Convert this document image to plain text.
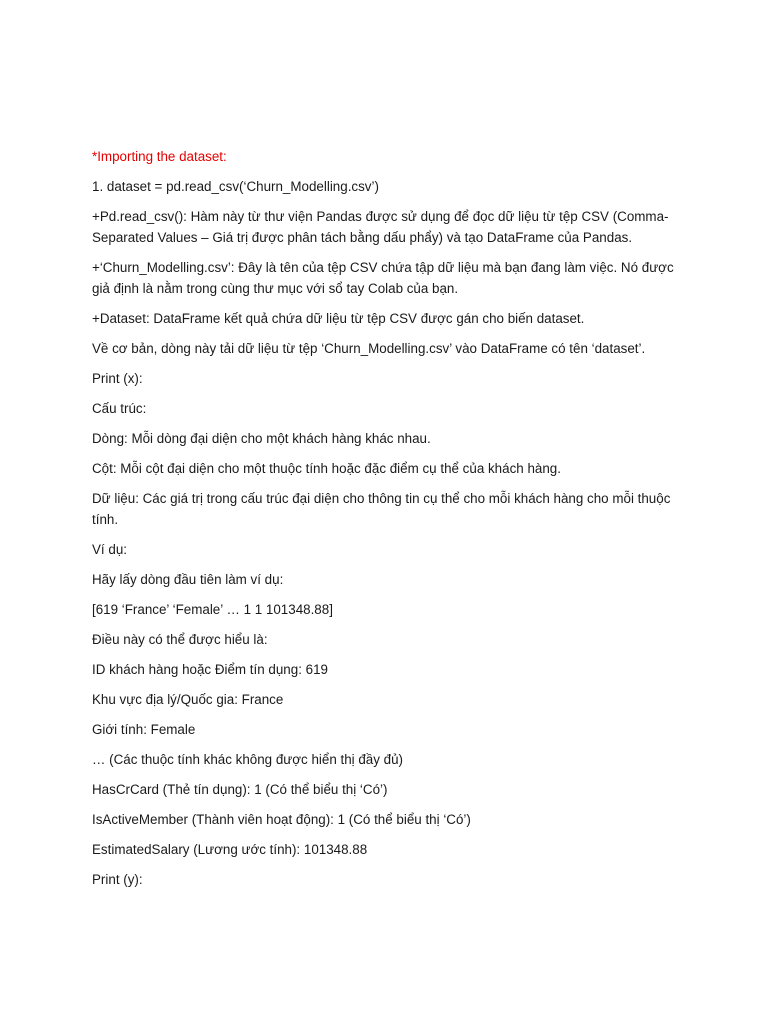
*Importing the dataset:

1. dataset = pd.read_csv(‘Churn_Modelling.csv’)

+Pd.read_csv(): Hàm này từ thư viện Pandas được sử dụng để đọc dữ liệu từ tệp CSV (Comma-Separated Values – Giá trị được phân tách bằng dấu phẩy) và tạo DataFrame của Pandas.

+‘Churn_Modelling.csv’: Đây là tên của tệp CSV chứa tập dữ liệu mà bạn đang làm việc. Nó được giả định là nằm trong cùng thư mục với sổ tay Colab của bạn.

+Dataset: DataFrame kết quả chứa dữ liệu từ tệp CSV được gán cho biến dataset.

Về cơ bản, dòng này tải dữ liệu từ tệp ‘Churn_Modelling.csv’ vào DataFrame có tên ‘dataset’.

Print (x):

Cấu trúc:

Dòng: Mỗi dòng đại diện cho một khách hàng khác nhau.

Cột: Mỗi cột đại diện cho một thuộc tính hoặc đặc điểm cụ thể của khách hàng.

Dữ liệu: Các giá trị trong cấu trúc đại diện cho thông tin cụ thể cho mỗi khách hàng cho mỗi thuộc tính.

Ví dụ:

Hãy lấy dòng đầu tiên làm ví dụ:

[619 ‘France’ ‘Female’ … 1 1 101348.88]

Điều này có thể được hiểu là:

ID khách hàng hoặc Điểm tín dụng: 619

Khu vực địa lý/Quốc gia: France

Giới tính: Female

… (Các thuộc tính khác không được hiển thị đầy đủ)

HasCrCard (Thẻ tín dụng): 1 (Có thể biểu thị ‘Có’)

IsActiveMember (Thành viên hoạt động): 1 (Có thể biểu thị ‘Có’)

EstimatedSalary (Lương ước tính): 101348.88

Print (y):
